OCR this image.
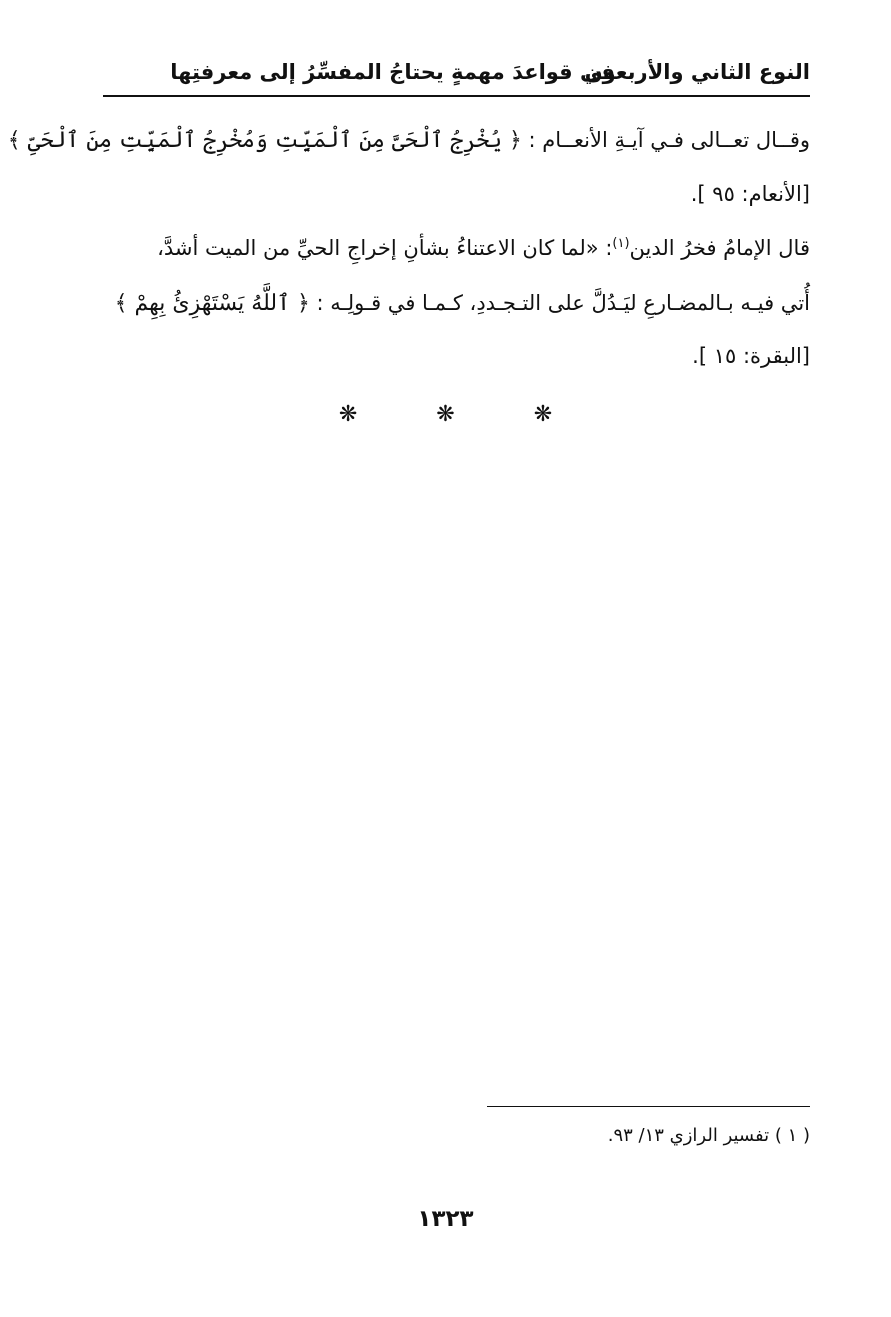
النوع الثاني والأربعون
في قواعدَ مهمةٍ يحتاجُ المفسِّرُ إلى معرفتِها
وقــال تعــالى فـي آيـةِ الأنعــام : ﴿ يُخْرِجُ ٱلْحَىَّ مِنَ ٱلْمَيِّتِ وَمُخْرِجُ ٱلْمَيِّتِ مِنَ ٱلْحَىِّ ﴾
[الأنعام: ٩٥ ].
قال الإمامُ فخرُ الدين$^{(١)}$: «لما كان الاعتناءُ بشأنِ إخراجِ الحيِّ من الميت أشدَّ،
أُتي فيـه بـالمضـارعِ ليَـدُلَّ على التـجـددِ، كـمـا في قـولِـه : ﴿ ٱللَّهُ يَسْتَهْزِئُ بِهِمْ ﴾
[البقرة: ١٥ ].
❋ ❋ ❋
( ١ ) تفسير الرازي ١٣/ ٩٣.
١٣٢٣
